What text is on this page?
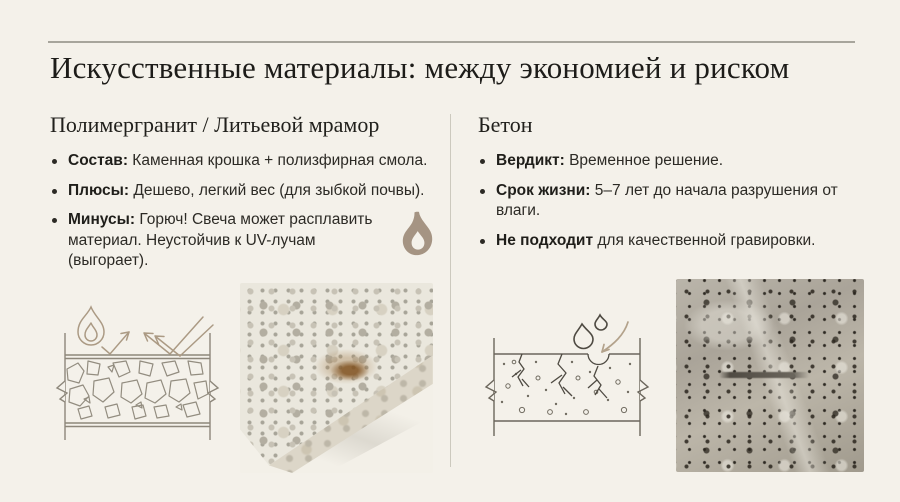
Искусственные материалы: между экономией и риском
Полимергранит / Литьевой мрамор
Состав: Каменная крошка + полизфирная смола.
Плюсы: Дешево, легкий вес (для зыбкой почвы).
Минусы: Горюч! Свеча может расплавить материал. Неустойчив к UV-лучам (выгорает).
Бетон
Вердикт: Временное решение.
Срок жизни: 5–7 лет до начала разрушения от влаги.
Не подходит для качественной гравировки.
